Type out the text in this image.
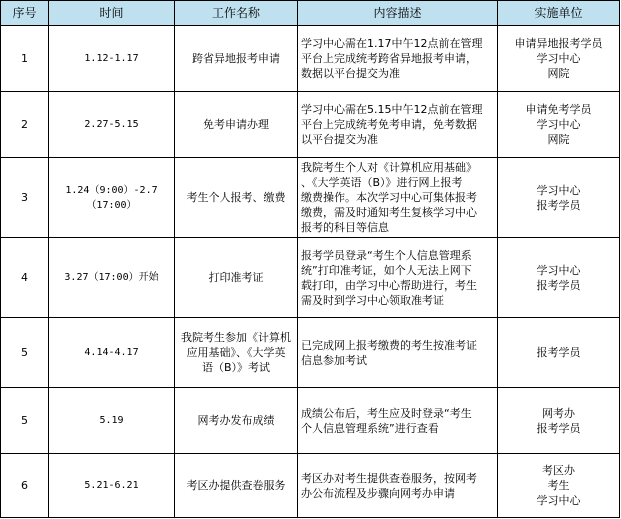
序号	时间	工作名称	内容描述	实施单位
1	1.12-1.17	跨省异地报考申请	学习中心需在1.17中午12点前在管理
平台上完成统考跨省异地报考申请，
数据以平台提交为准	申请异地报考学员
学习中心
网院

2	2.27-5.15	免考申请办理	学习中心需在5.15中午12点前在管理
平台上完成统考免考申请，免考数据
以平台提交为准	申请免考学员
学习中心
网院

3	1.24（9:00）-2.7
（17:00）	考生个人报考、缴费	我院考生个人对《计算机应用基础》
、《大学英语（B）》进行网上报考
缴费操作。本次学习中心可集体报考
缴费，需及时通知考生复核学习中心
报考的科目等信息	学习中心
报考学员

4	3.27（17:00）开始	打印准考证	报考学员登录“考生个人信息管理系
统”打印准考证，如个人无法上网下
载打印，由学习中心帮助进行，考生
需及时到学习中心领取准考证	学习中心
报考学员

5	4.14-4.17	我院考生参加《计算机
应用基础》、《大学英
语（B）》考试	已完成网上报考缴费的考生按准考证
信息参加考试	报考学员

5	5.19	网考办发布成绩	成绩公布后，考生应及时登录“考生
个人信息管理系统”进行查看	网考办
报考学员

6	5.21-6.21	考区办提供查卷服务	考区办对考生提供查卷服务，按网考
办公布流程及步骤向网考办申请	考区办
考生
学习中心
